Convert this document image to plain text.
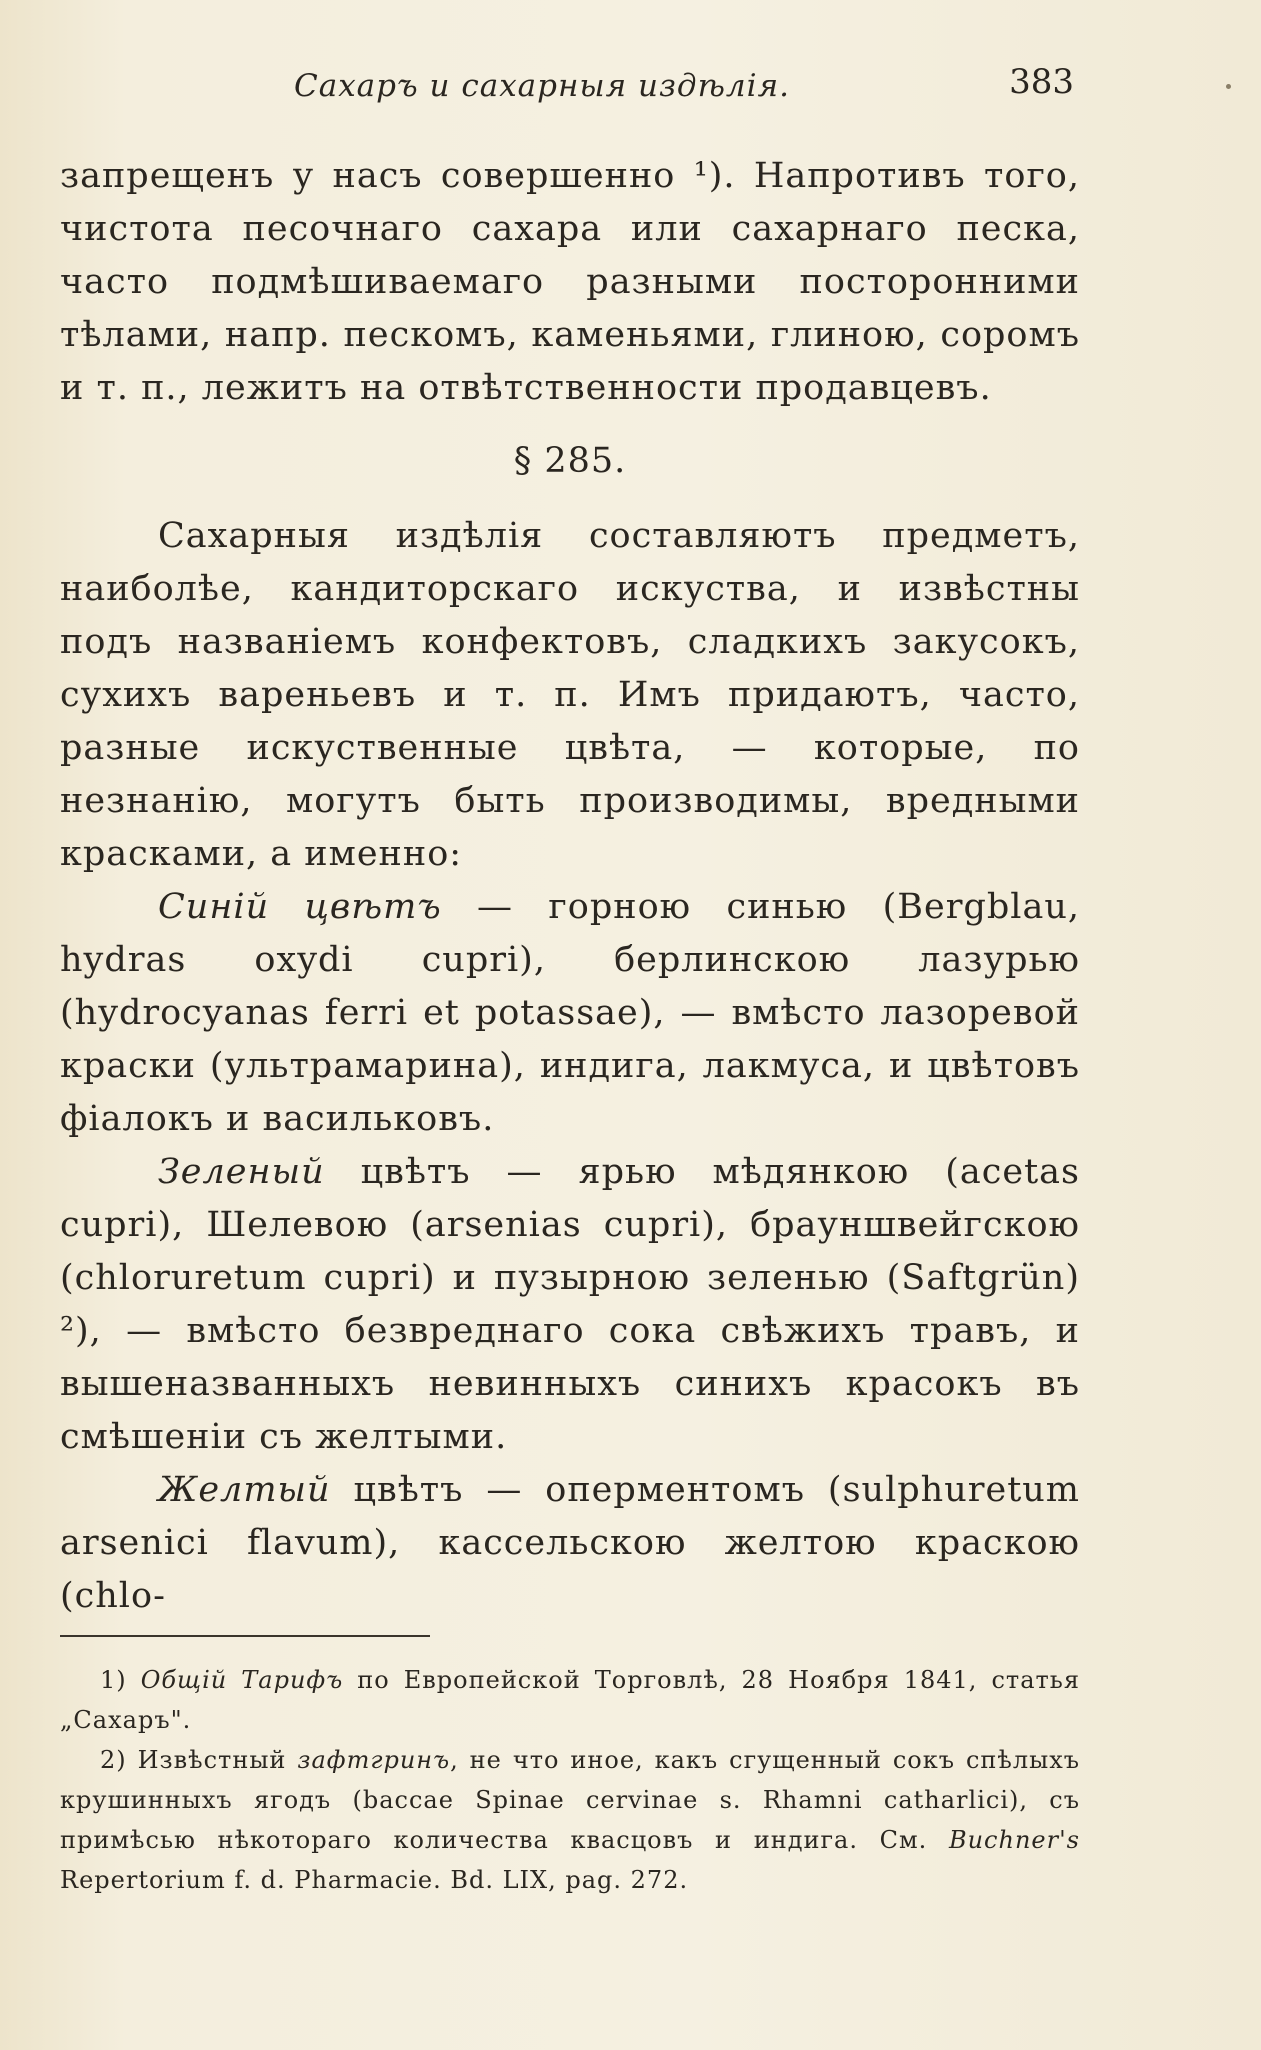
Сахаръ и сахарныя издѣлія.	383

запрещенъ у насъ совершенно ¹). Напротивъ того, чистота песочнаго сахара или сахарнаго песка, часто подмѣшиваемаго разными посторонними тѣлами, напр. пескомъ, каменьями, глиною, соромъ и т. п., лежитъ на отвѣтственности продавцевъ.

§ 285.

Сахарныя издѣлія составляютъ предметъ, наиболѣе, кандиторскаго искуства, и извѣстны подъ названіемъ конфектовъ, сладкихъ закусокъ, сухихъ вареньевъ и т. п. Имъ придаютъ, часто, разные искуственные цвѣта, — которые, по незнанію, могутъ быть производимы, вредными красками, а именно:

Синій цвѣтъ — горною синью (Bergblau, hydras oxydi cupri), берлинскою лазурью (hydrocyanas ferri et potassae), — вмѣсто лазоревой краски (ультрамарина), индига, лакмуса, и цвѣтовъ фіалокъ и васильковъ.

Зеленый цвѣтъ — ярью мѣдянкою (acetas cupri), Шелевою (arsenias cupri), брауншвейгскою (chloruretum cupri) и пузырною зеленью (Saftgrün) ²), — вмѣсто безвреднаго сока свѣжихъ травъ, и вышеназванныхъ невинныхъ синихъ красокъ въ смѣшеніи съ желтыми.

Желтый цвѣтъ — опермeнтомъ (sulphuretum arsenici flavum), кассельскою желтою краскою (chlo-

1) Общій Тарифъ по Европейской Торговлѣ, 28 Ноября 1841, статья „Сахаръ".

2) Извѣстный зафтгринъ, не что иное, какъ сгущенный сокъ спѣлыхъ крушинныхъ ягодъ (baccae Spinae cervinae s. Rhamni catharlici), съ примѣсью нѣкотораго количества квасцовъ и индига. См. Buchner's Repertorium f. d. Pharmacie. Bd. LIX, pag. 272.
